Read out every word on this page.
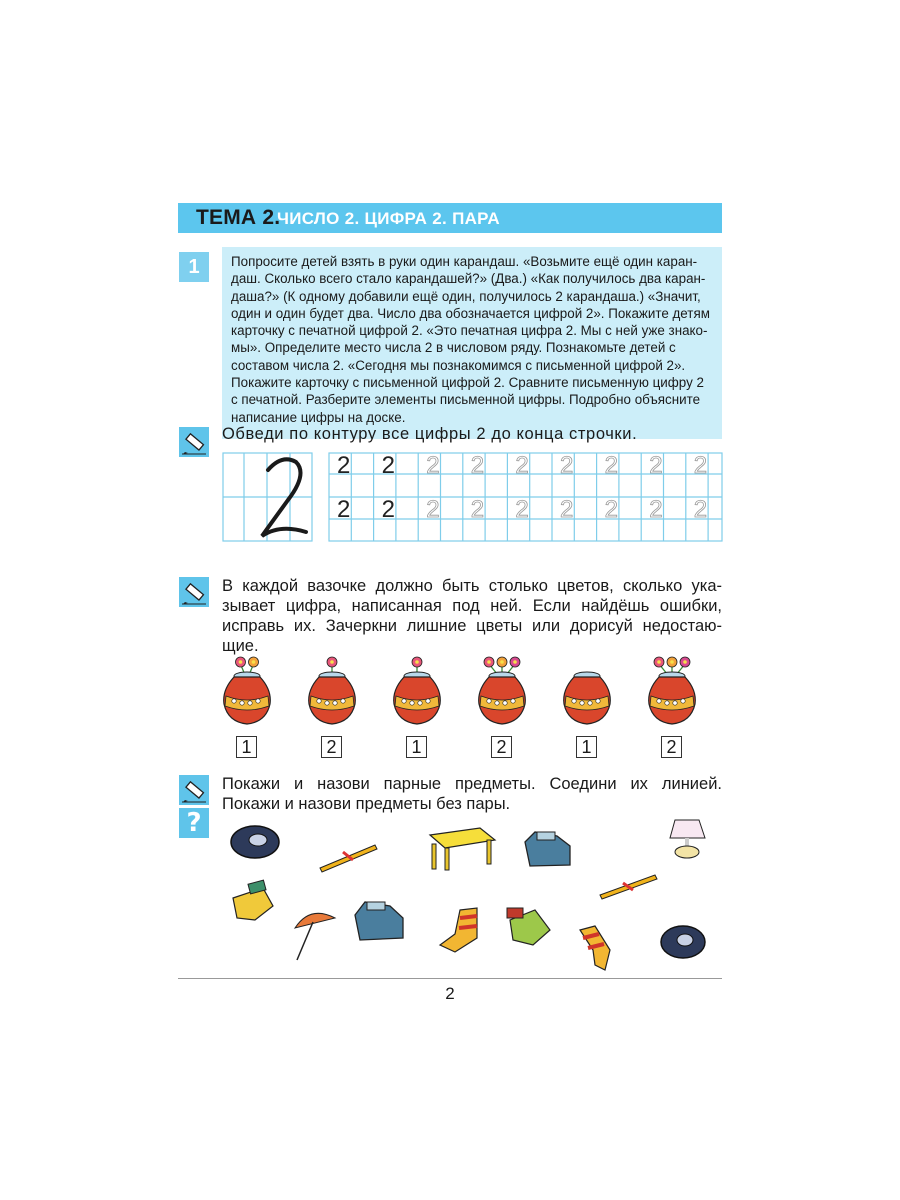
ТЕМА 2.
ЧИСЛО 2. ЦИФРА 2. ПАРА
1	Попросите детей взять в руки один карандаш. «Возьмите ещё один каран-
даш. Сколько всего стало карандашей?» (Два.) «Как получилось два каран-
даша?» (К одному добавили ещё один, получилось 2 карандаша.) «Значит,
один и один будет два. Число два обозначается цифрой 2». Покажите детям
карточку с печатной цифрой 2. «Это печатная цифра 2. Мы с ней уже знако-
мы». Определите место числа 2 в числовом ряду. Познакомьте детей с
составом числа 2. «Сегодня мы познакомимся с письменной цифрой 2».
Покажите карточку с письменной цифрой 2. Сравните письменную цифру 2
с печатной. Разберите элементы письменной цифры. Подробно объясните
написание цифры на доске.
Обведи по контуру все цифры 2 до конца строчки.
2 2 2 2 2 2 2 2 2
2 2 2 2 2 2 2 2 2
В каждой вазочке должно быть столько цветов, сколько ука-
зывает цифра, написанная под ней. Если найдёшь ошибки,
исправь их. Зачеркни лишние цветы или дорисуй недостаю-
щие.
1	2	1	2	1	2
?
Покажи и назови парные предметы. Соедини их линией.
Покажи и назови предметы без пары.
2
